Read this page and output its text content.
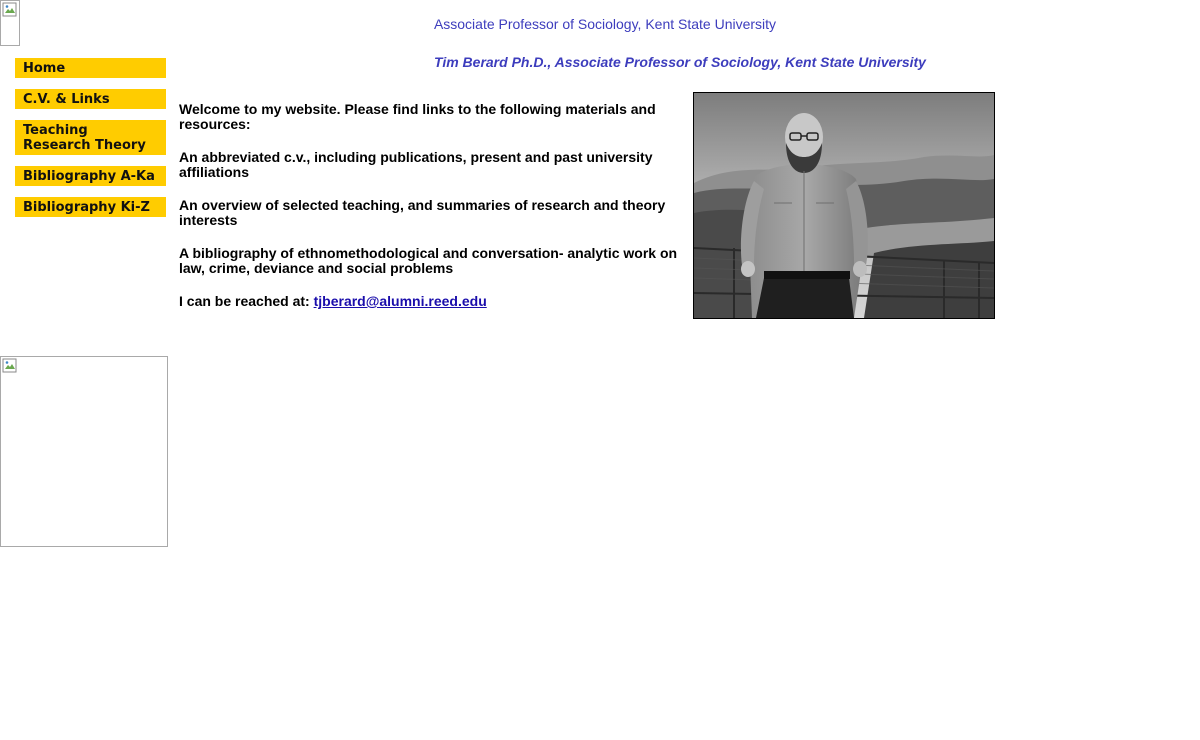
Associate Professor of Sociology, Kent State University
Tim Berard Ph.D., Associate Professor of Sociology, Kent State University
Home
C.V. & Links
Teaching Research Theory
Bibliography A-Ka
Bibliography Ki-Z

Welcome to my website. Please find links to the following materials and resources:

An abbreviated c.v., including publications, present and past university affiliations

An overview of selected teaching, and summaries of research and theory interests

A bibliography of ethnomethodological and conversation- analytic work on law, crime, deviance and social problems

I can be reached at: tjberard@alumni.reed.edu
